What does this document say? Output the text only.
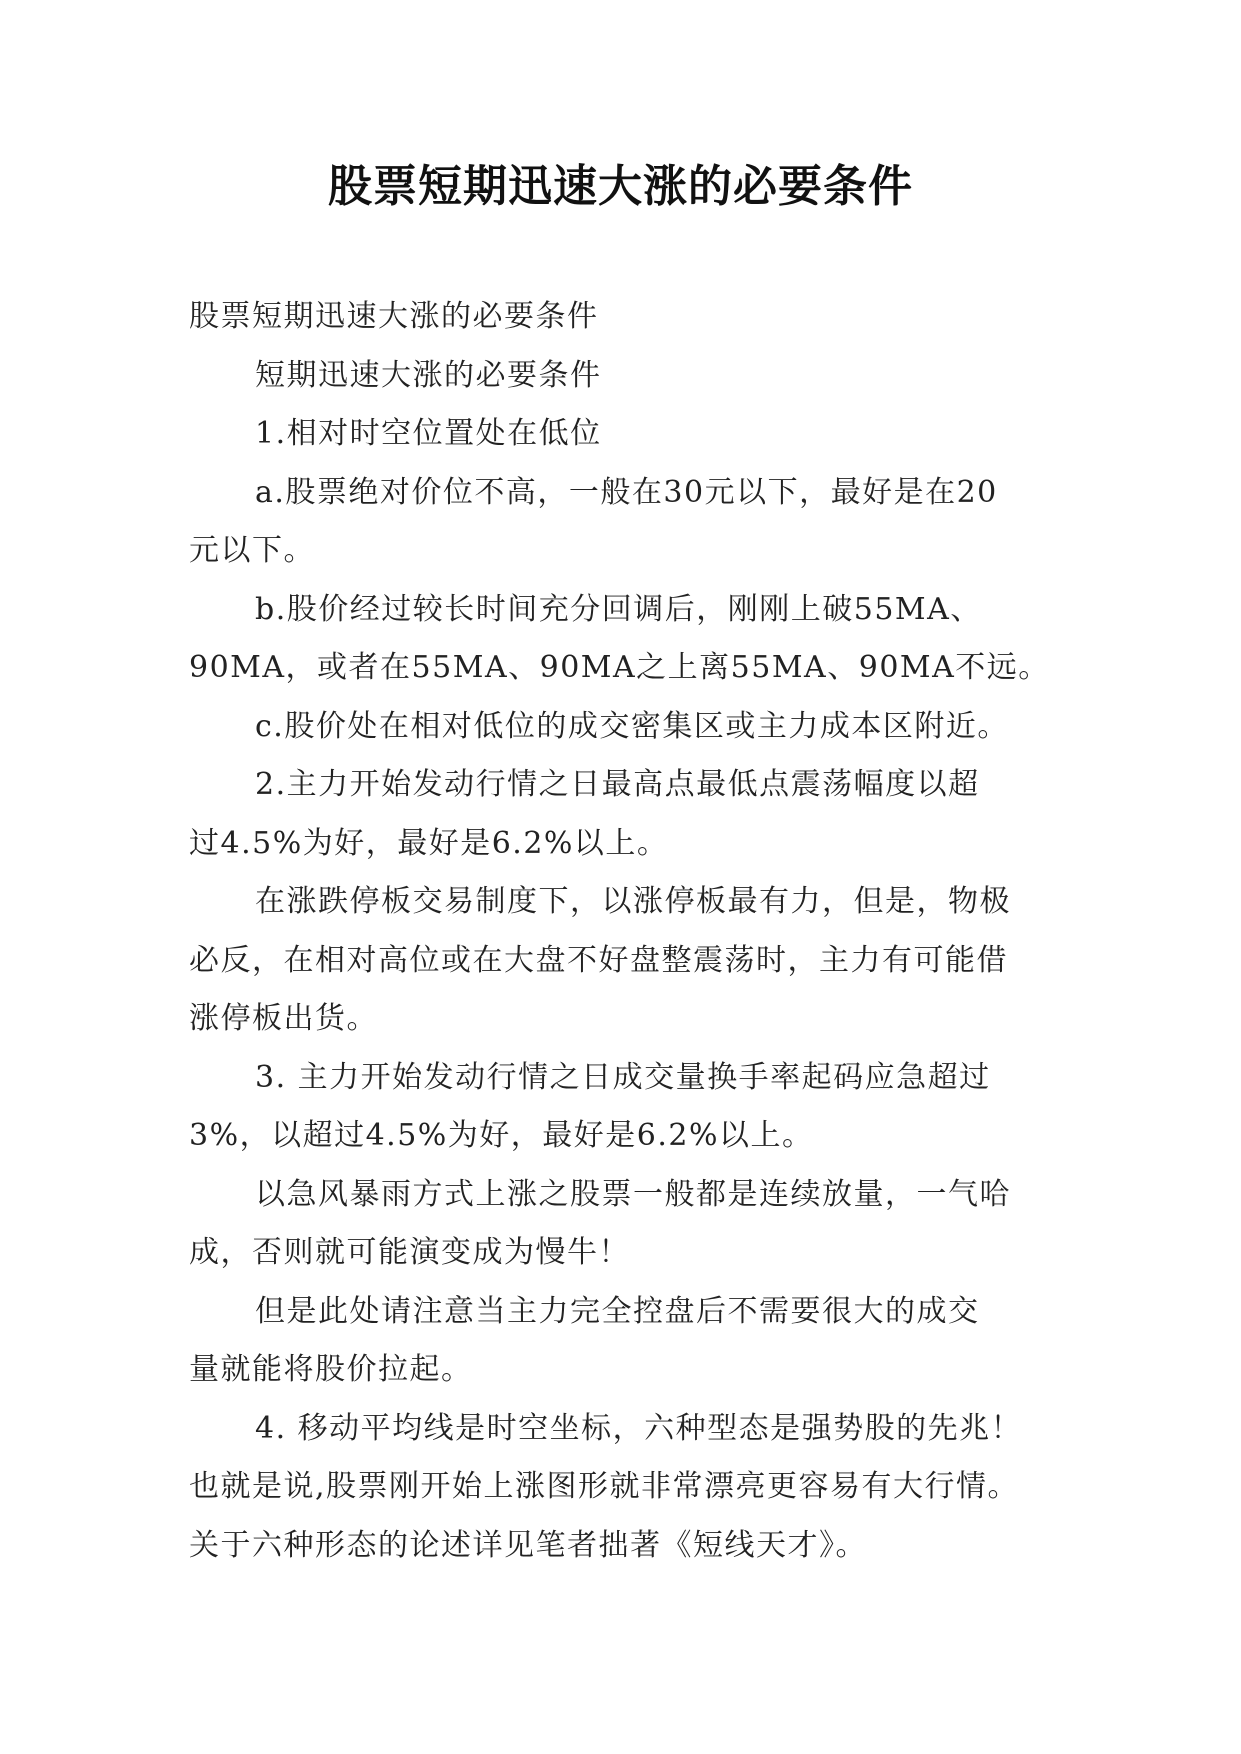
股票短期迅速大涨的必要条件

股票短期迅速大涨的必要条件

短期迅速大涨的必要条件

1.相对时空位置处在低位

a.股票绝对价位不高，一般在30元以下，最好是在20

元以下。

b.股价经过较长时间充分回调后，刚刚上破55MA、

90MA，或者在55MA、90MA之上离55MA、90MA不远。

c.股价处在相对低位的成交密集区或主力成本区附近。

2.主力开始发动行情之日最高点最低点震荡幅度以超

过4.5%为好，最好是6.2%以上。

在涨跌停板交易制度下，以涨停板最有力，但是，物极

必反，在相对高位或在大盘不好盘整震荡时，主力有可能借

涨停板出货。

3. 主力开始发动行情之日成交量换手率起码应急超过

3%，以超过4.5%为好，最好是6.2%以上。

以急风暴雨方式上涨之股票一般都是连续放量，一气哈

成，否则就可能演变成为慢牛！

但是此处请注意当主力完全控盘后不需要很大的成交

量就能将股价拉起。

4. 移动平均线是时空坐标，六种型态是强势股的先兆！

也就是说,股票刚开始上涨图形就非常漂亮更容易有大行情。

关于六种形态的论述详见笔者拙著《短线天才》。
